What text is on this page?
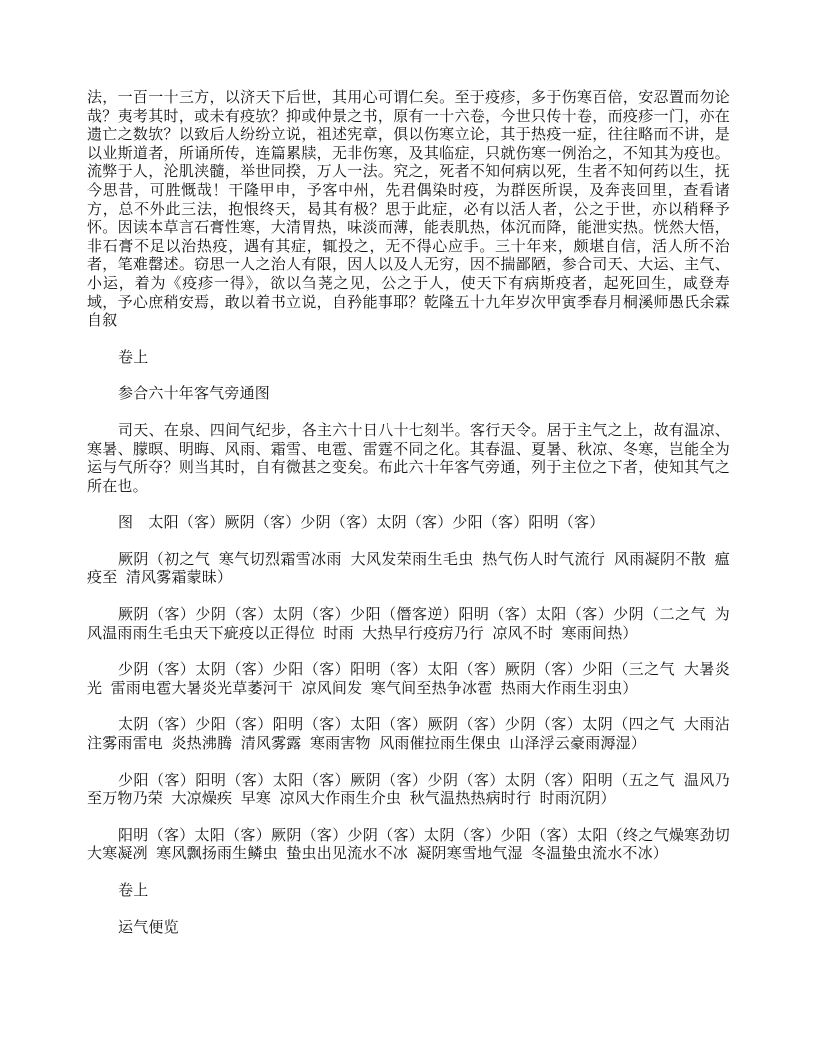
法，一百一十三方，以济天下后世，其用心可谓仁矣。至于疫疹，多于伤寒百倍，安忍置而勿论哉？夷考其时，或未有疫欤？抑或仲景之书，原有一十六卷，今世只传十卷，而疫疹一门，亦在遗亡之数欤？以致后人纷纷立说，祖述宪章，俱以伤寒立论，其于热疫一症，往往略而不讲，是以业斯道者，所诵所传，连篇累牍，无非伤寒，及其临症，只就伤寒一例治之，不知其为疫也。流弊于人，沦肌浃髓，举世同揆，万人一法。究之，死者不知何病以死，生者不知何药以生，抚今思昔，可胜慨哉！干隆甲申，予客中州，先君偶染时疫，为群医所误，及奔丧回里，查看诸方，总不外此三法，抱恨终天，曷其有极？思于此症，必有以活人者，公之于世，亦以稍释予怀。因读本草言石膏性寒，大清胃热，味淡而薄，能表肌热，体沉而降，能泄实热。恍然大悟，非石膏不足以治热疫，遇有其症，辄投之，无不得心应手。三十年来，颇堪自信，活人所不治者，笔难罄述。窃思一人之治人有限，因人以及人无穷，因不揣鄙陋，参合司天、大运、主气、小运，着为《疫疹一得》，欲以刍荛之见，公之于人，使天下有病斯疫者，起死回生，咸登寿域，予心庶稍安焉，敢以着书立说，自矜能事耶？乾隆五十九年岁次甲寅季春月桐溪师愚氏余霖自叙

卷上

参合六十年客气旁通图

司天、在泉、四间气纪步，各主六十日八十七刻半。客行天令。居于主气之上，故有温凉、寒暑、朦暝、明晦、风雨、霜雪、电雹、雷霆不同之化。其春温、夏暑、秋凉、冬寒，岂能全为运与气所夺？则当其时，自有微甚之变矣。布此六十年客气旁通，列于主位之下者，使知其气之所在也。

图　太阳（客）厥阴（客）少阴（客）太阴（客）少阳（客）阳明（客）

厥阴（初之气 寒气切烈霜雪冰雨 大风发荣雨生毛虫 热气伤人时气流行 风雨凝阴不散 瘟疫至 清风雾霜蒙昧）

厥阴（客）少阴（客）太阴（客）少阳（僭客逆）阳明（客）太阳（客）少阴（二之气 为风温雨雨生毛虫天下疵疫以正得位 时雨 大热早行疫疠乃行 凉风不时 寒雨间热）

少阴（客）太阴（客）少阳（客）阳明（客）太阳（客）厥阴（客）少阳（三之气 大暑炎光 雷雨电雹大暑炎光草萎河干 凉风间发 寒气间至热争冰雹 热雨大作雨生羽虫）

太阴（客）少阳（客）阳明（客）太阳（客）厥阴（客）少阴（客）太阴（四之气 大雨沾注雾雨雷电 炎热沸腾 清风雾露 寒雨害物 风雨催拉雨生倮虫 山泽浮云豪雨溽湿）

少阳（客）阳明（客）太阳（客）厥阴（客）少阴（客）太阴（客）阳明（五之气 温风乃至万物乃荣 大凉燥疾 早寒 凉风大作雨生介虫 秋气温热热病时行 时雨沉阴）

阳明（客）太阳（客）厥阴（客）少阴（客）太阴（客）少阳（客）太阳（终之气燥寒劲切 大寒凝冽 寒风飘扬雨生鳞虫 蛰虫出见流水不冰 凝阴寒雪地气湿 冬温蛰虫流水不冰）

卷上

运气便览
